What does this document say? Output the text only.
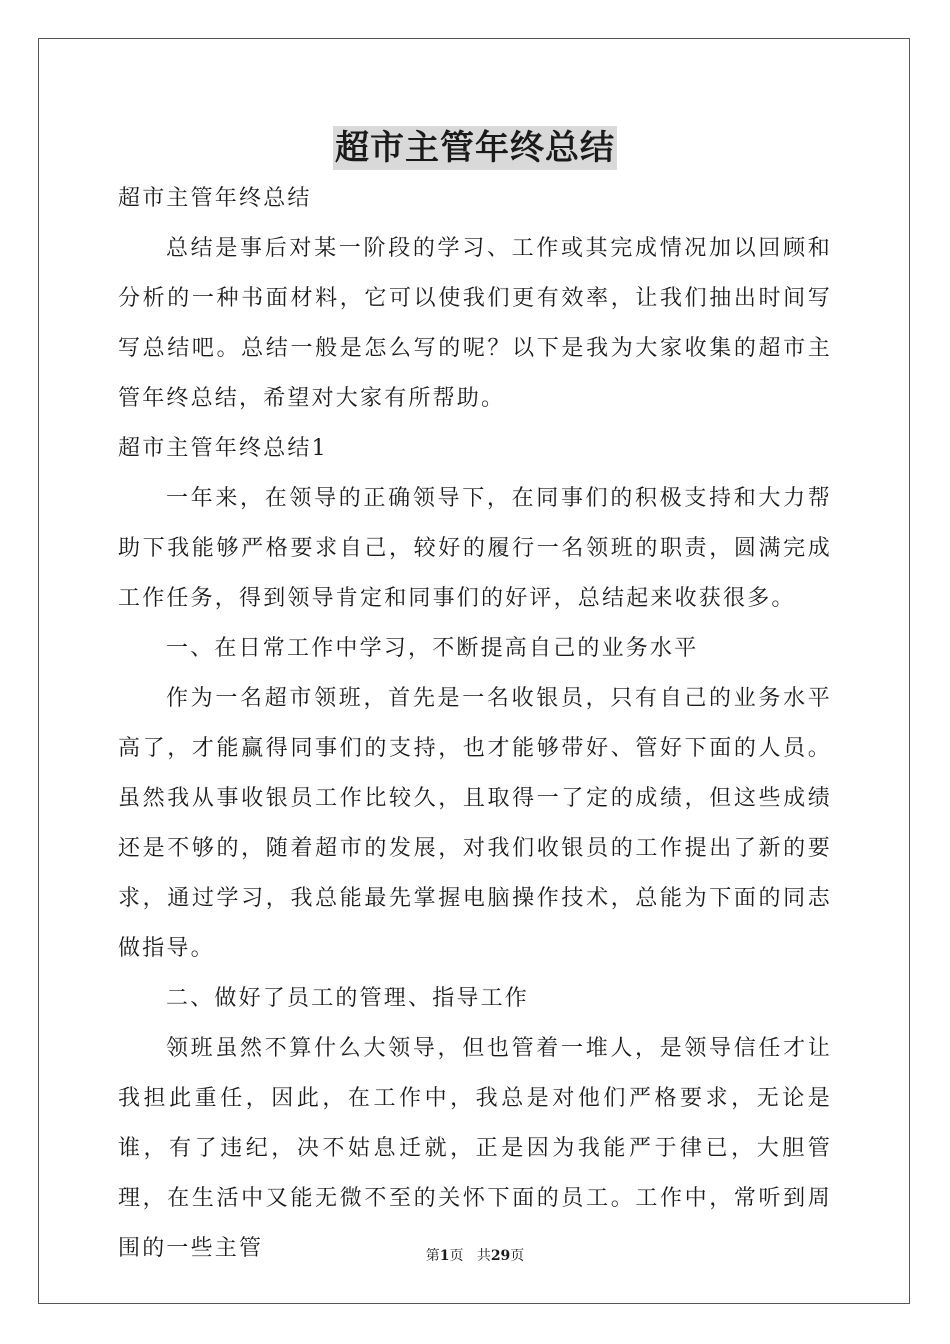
超市主管年终总结

超市主管年终总结

总结是事后对某一阶段的学习、工作或其完成情况加以回顾和分析的一种书面材料，它可以使我们更有效率，让我们抽出时间写写总结吧。总结一般是怎么写的呢？以下是我为大家收集的超市主管年终总结，希望对大家有所帮助。

超市主管年终总结1

一年来，在领导的正确领导下，在同事们的积极支持和大力帮助下我能够严格要求自己，较好的履行一名领班的职责，圆满完成工作任务，得到领导肯定和同事们的好评，总结起来收获很多。

一、在日常工作中学习，不断提高自己的业务水平

作为一名超市领班，首先是一名收银员，只有自己的业务水平高了，才能赢得同事们的支持，也才能够带好、管好下面的人员。虽然我从事收银员工作比较久，且取得一了定的成绩，但这些成绩还是不够的，随着超市的发展，对我们收银员的工作提出了新的要求，通过学习，我总能最先掌握电脑操作技术，总能为下面的同志做指导。

二、做好了员工的管理、指导工作

领班虽然不算什么大领导，但也管着一堆人，是领导信任才让我担此重任，因此，在工作中，我总是对他们严格要求，无论是谁，有了违纪，决不姑息迁就，正是因为我能严于律已，大胆管理，在生活中又能无微不至的关怀下面的员工。工作中，常听到周围的一些主管	第1页 共29页
